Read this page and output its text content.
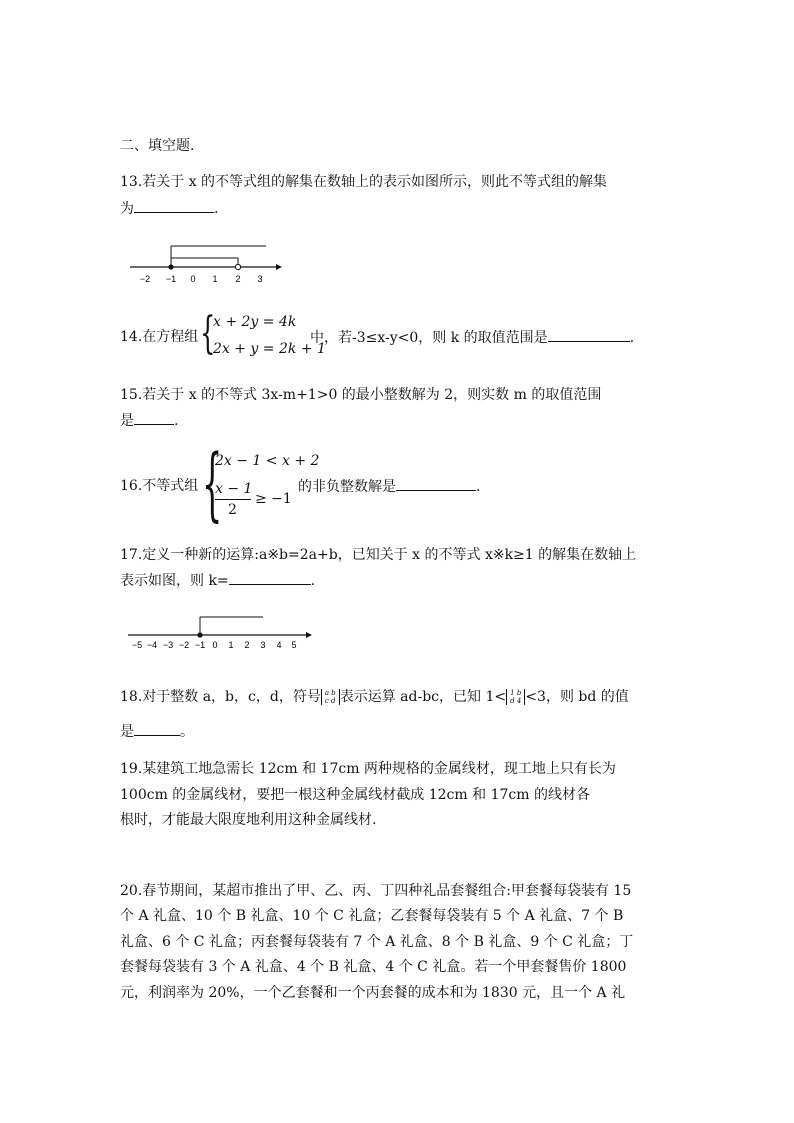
二、填空题.
13.若关于 x 的不等式组的解集在数轴上的表示如图所示，则此不等式组的解集
为	.
−2 −1 0 1 2 3
14.在方程组 {
x + 2y = 4k
2x + y = 2k + 1
中，若-3≤x-y<0，则 k 的取值范围是	.
15.若关于 x 的不等式 3x-m+1>0 的最小整数解为 2，则实数 m 的取值范围
是	.
16.不等式组 {
2x − 1 < x + 2
x − 1
2
≥ −1
的非负整数解是	.
17.定义一种新的运算:a※b=2a+b，已知关于 x 的不等式 x※k≥1 的解集在数轴上
表示如图，则 k=	.
−5 −4 −3 −2 −1 0 1 2 3 4 5
18.对于整数 a，b，c，d，符号 a b
c d 表示运算 ad-bc，已知 1< 1 b
d 4 <3，则 bd 的值
是	。
19.某建筑工地急需长 12cm 和 17cm 两种规格的金属线材，现工地上只有长为
100cm 的金属线材，要把一根这种金属线材截成 12cm 和 17cm 的线材各
根时，才能最大限度地利用这种金属线材.
20.春节期间，某超市推出了甲、乙、丙、丁四种礼品套餐组合:甲套餐每袋装有 15
个 A 礼盒、10 个 B 礼盒、10 个 C 礼盒；乙套餐每袋装有 5 个 A 礼盒、7 个 B
礼盒、6 个 C 礼盒；丙套餐每袋装有 7 个 A 礼盒、8 个 B 礼盒、9 个 C 礼盒；丁
套餐每袋装有 3 个 A 礼盒、4 个 B 礼盒、4 个 C 礼盒。若一个甲套餐售价 1800
元，利润率为 20%，一个乙套餐和一个丙套餐的成本和为 1830 元，且一个 A 礼
